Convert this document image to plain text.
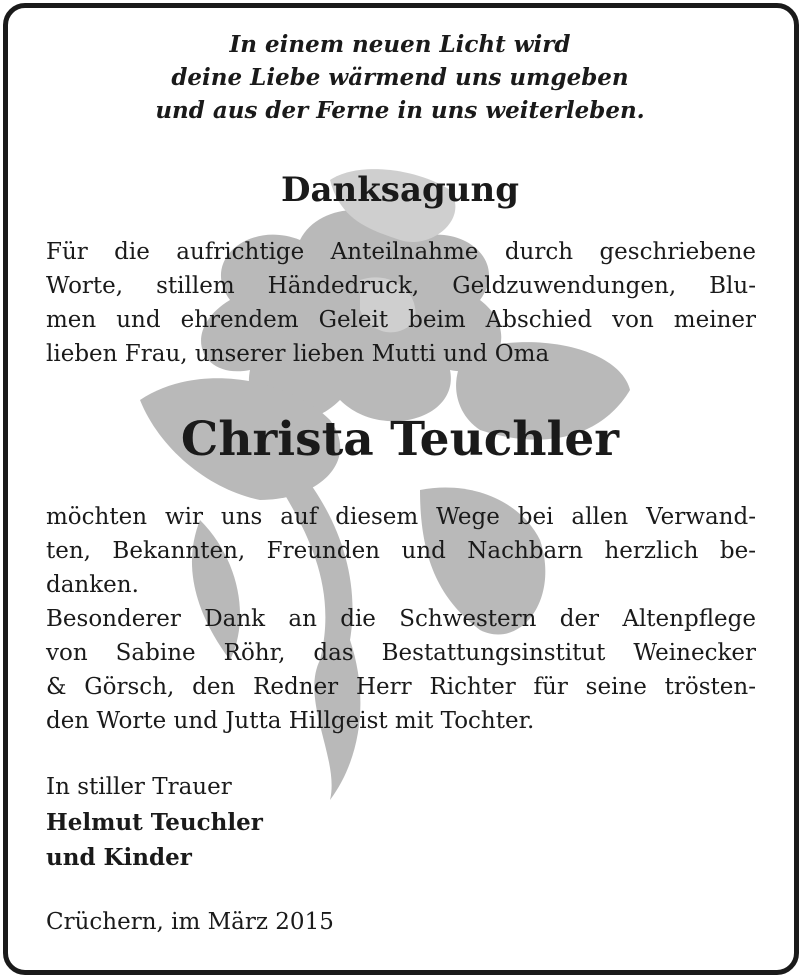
In einem neuen Licht wird
deine Liebe wärmend uns umgeben
und aus der Ferne in uns weiterleben.
Danksagung
Für die aufrichtige Anteilnahme durch geschriebene
Worte, stillem Händedruck, Geldzuwendungen, Blu-
men und ehrendem Geleit beim Abschied von meiner
lieben Frau, unserer lieben Mutti und Oma
Christa Teuchler
möchten wir uns auf diesem Wege bei allen Verwand-
ten, Bekannten, Freunden und Nachbarn herzlich be-
danken.
Besonderer Dank an die Schwestern der Altenpflege
von Sabine Röhr, das Bestattungsinstitut Weinecker
& Görsch, den Redner Herr Richter für seine trösten-
den Worte und Jutta Hillgeist mit Tochter.
In stiller Trauer
Helmut Teuchler
und Kinder
Crüchern, im März 2015
